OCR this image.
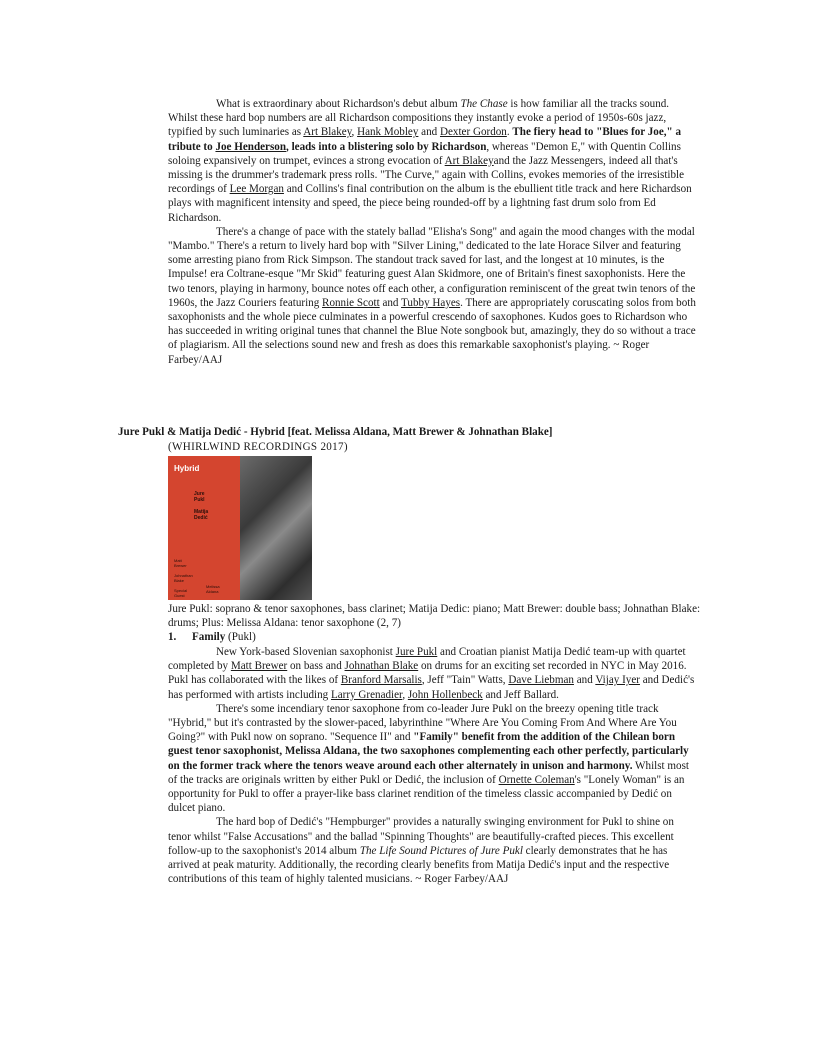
What is extraordinary about Richardson's debut album The Chase is how familiar all the tracks sound. Whilst these hard bop numbers are all Richardson compositions they instantly evoke a period of 1950s-60s jazz, typified by such luminaries as Art Blakey, Hank Mobley and Dexter Gordon. The fiery head to "Blues for Joe," a tribute to Joe Henderson, leads into a blistering solo by Richardson, whereas "Demon E," with Quentin Collins soloing expansively on trumpet, evinces a strong evocation of Art Blakeyand the Jazz Messengers, indeed all that's missing is the drummer's trademark press rolls. "The Curve," again with Collins, evokes memories of the irresistible recordings of Lee Morgan and Collins's final contribution on the album is the ebullient title track and here Richardson plays with magnificent intensity and speed, the piece being rounded-off by a lightning fast drum solo from Ed Richardson.

There's a change of pace with the stately ballad "Elisha's Song" and again the mood changes with the modal "Mambo." There's a return to lively hard bop with "Silver Lining," dedicated to the late Horace Silver and featuring some arresting piano from Rick Simpson. The standout track saved for last, and the longest at 10 minutes, is the Impulse! era Coltrane-esque "Mr Skid" featuring guest Alan Skidmore, one of Britain's finest saxophonists. Here the two tenors, playing in harmony, bounce notes off each other, a configuration reminiscent of the great twin tenors of the 1960s, the Jazz Couriers featuring Ronnie Scott and Tubby Hayes. There are appropriately coruscating solos from both saxophonists and the whole piece culminates in a powerful crescendo of saxophones. Kudos goes to Richardson who has succeeded in writing original tunes that channel the Blue Note songbook but, amazingly, they do so without a trace of plagiarism. All the selections sound new and fresh as does this remarkable saxophonist's playing. ~ Roger Farbey/AAJ

Jure Pukl & Matija Dedić - Hybrid [feat. Melissa Aldana, Matt Brewer & Johnathan Blake]
(WHIRLWIND RECORDINGS 2017)
Hybrid
Jure
Pukl

Matija
Dedić
Matt
Brewer

Johnathan
Blake

Special
Guest
Melissa
Aldana
Jure Pukl: soprano & tenor saxophones, bass clarinet; Matija Dedic: piano; Matt Brewer: double bass; Johnathan Blake: drums; Plus: Melissa Aldana: tenor saxophone (2, 7)
1. Family (Pukl)

New York-based Slovenian saxophonist Jure Pukl and Croatian pianist Matija Dedić team-up with quartet completed by Matt Brewer on bass and Johnathan Blake on drums for an exciting set recorded in NYC in May 2016. Pukl has collaborated with the likes of Branford Marsalis, Jeff "Tain" Watts, Dave Liebman and Vijay Iyer and Dedić's has performed with artists including Larry Grenadier, John Hollenbeck and Jeff Ballard.

There's some incendiary tenor saxophone from co-leader Jure Pukl on the breezy opening title track "Hybrid," but it's contrasted by the slower-paced, labyrinthine "Where Are You Coming From And Where Are You Going?" with Pukl now on soprano. "Sequence II" and "Family" benefit from the addition of the Chilean born guest tenor saxophonist, Melissa Aldana, the two saxophones complementing each other perfectly, particularly on the former track where the tenors weave around each other alternately in unison and harmony. Whilst most of the tracks are originals written by either Pukl or Dedić, the inclusion of Ornette Coleman's "Lonely Woman" is an opportunity for Pukl to offer a prayer-like bass clarinet rendition of the timeless classic accompanied by Dedić on dulcet piano.

The hard bop of Dedić's "Hempburger" provides a naturally swinging environment for Pukl to shine on tenor whilst "False Accusations" and the ballad "Spinning Thoughts" are beautifully-crafted pieces. This excellent follow-up to the saxophonist's 2014 album The Life Sound Pictures of Jure Pukl clearly demonstrates that he has arrived at peak maturity. Additionally, the recording clearly benefits from Matija Dedić's input and the respective contributions of this team of highly talented musicians. ~ Roger Farbey/AAJ
